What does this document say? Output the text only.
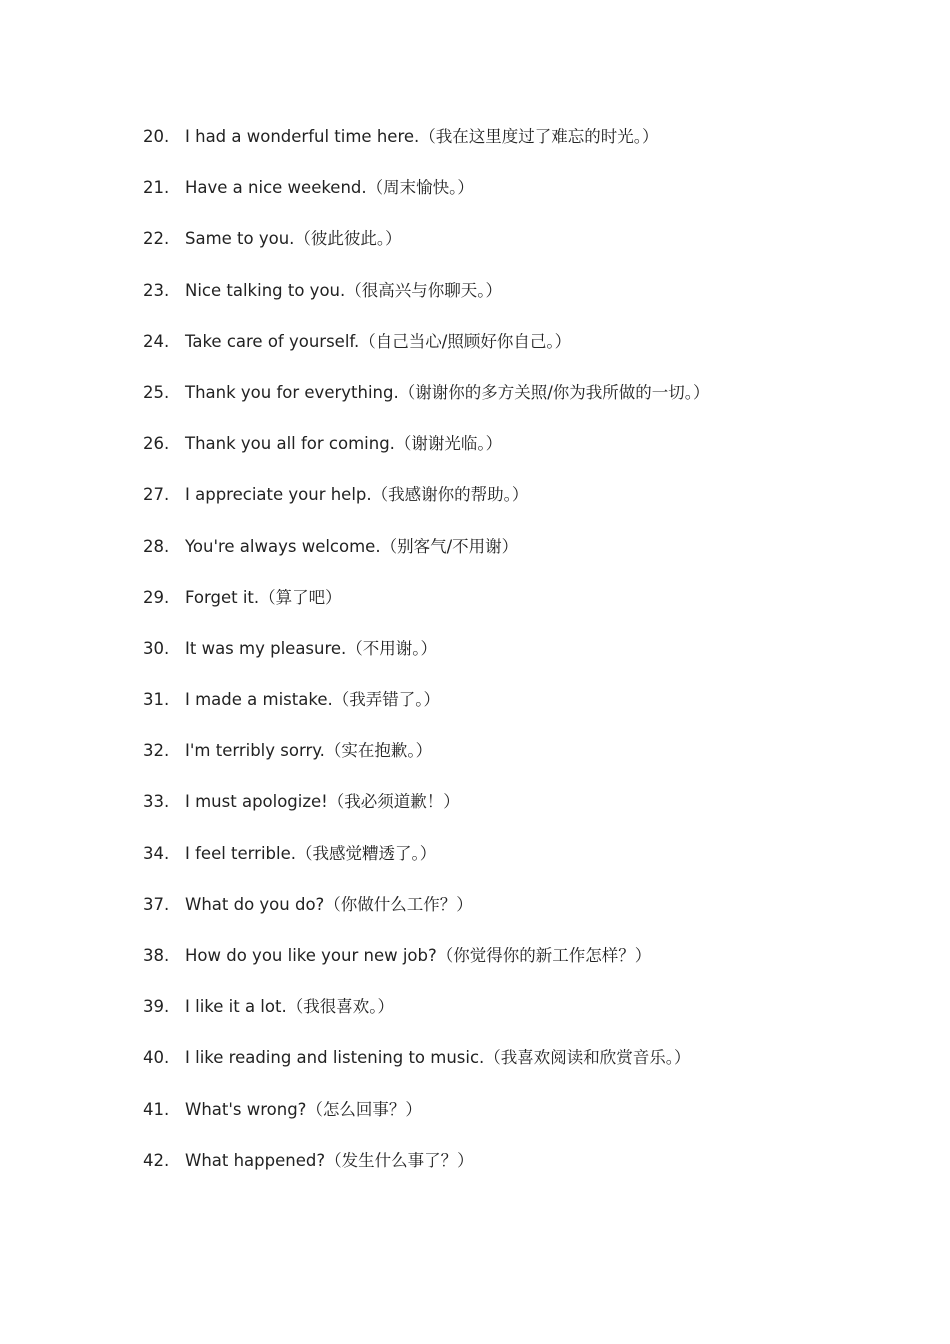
20. I had a wonderful time here.（我在这里度过了难忘的时光。）
21. Have a nice weekend.（周末愉快。）
22. Same to you.（彼此彼此。）
23. Nice talking to you.（很高兴与你聊天。）
24. Take care of yourself.（自己当心/照顾好你自己。）
25. Thank you for everything.（谢谢你的多方关照/你为我所做的一切。）
26. Thank you all for coming.（谢谢光临。）
27. I appreciate your help.（我感谢你的帮助。）
28. You're always welcome.（别客气/不用谢）
29. Forget it.（算了吧）
30. It was my pleasure.（不用谢。）
31. I made a mistake.（我弄错了。）
32. I'm terribly sorry.（实在抱歉。）
33. I must apologize!（我必须道歉！）
34. I feel terrible.（我感觉糟透了。）
37. What do you do?（你做什么工作？）
38. How do you like your new job?（你觉得你的新工作怎样？）
39. I like it a lot.（我很喜欢。）
40. I like reading and listening to music.（我喜欢阅读和欣赏音乐。）
41. What's wrong?（怎么回事？）
42. What happened?（发生什么事了？）
